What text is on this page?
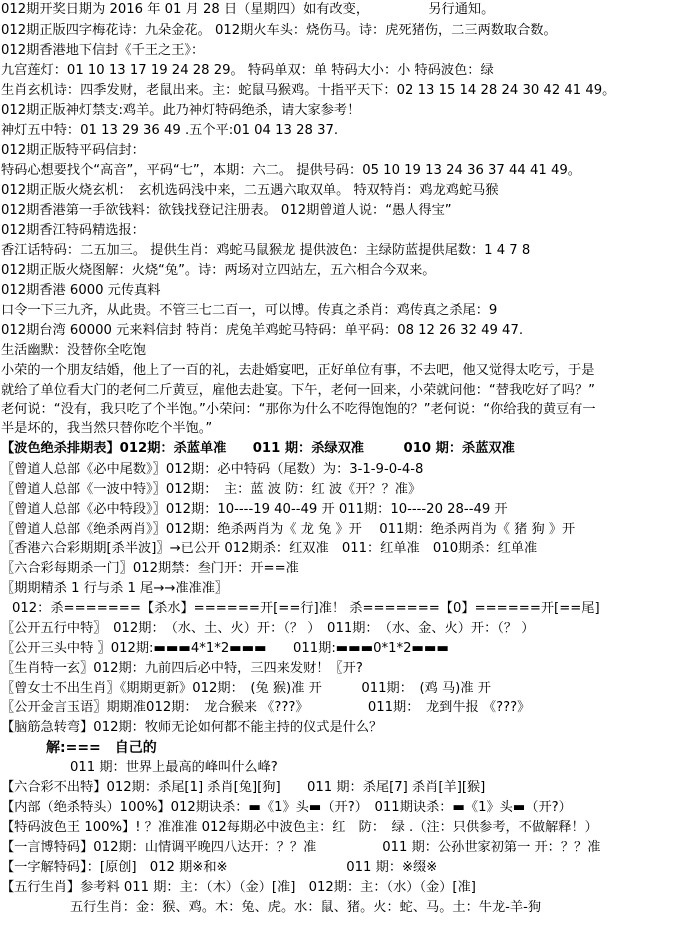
012期开奖日期为 2016 年 01 月 28 日（星期四）如有改变，　　　　　另行通知。
012期正版四字梅花诗：九朵金花。 012期火车头：烧伤马。诗：虎死猪伤，二三两数取合数。
012期香港地下信封《千王之王》：
九宫莲灯：01 10 13 17 19 24 28 29。 特码单双：单 特码大小：小 特码波色：绿
生肖玄机诗：四季发财，老鼠出来。主：蛇鼠马猴鸡。十指平天下：02 13 15 14 28 24 30 42 41 49。
012期正版神灯禁支:鸡羊。此乃神灯特码绝杀，请大家参考！
神灯五中特：01 13 29 36 49 .五个平:01 04 13 28 37.
012期正版特平码信封：
特码心想要找个“高音”，平码“七”，本期：六二。 提供号码：05 10 19 13 24 36 37 44 41 49。
012期正版火烧玄机：　玄机选码浅中来，二五遇六取双单。 特双特肖：鸡龙鸡蛇马猴
012期香港第一手欲钱料：欲钱找登记注册表。 012期曾道人说：“愚人得宝”
012期香江特码精选报：
香江话特码：二五加三。 提供生肖：鸡蛇马鼠猴龙 提供波色：主绿防蓝提供尾数：1 4 7 8
012期正版火烧图解：火烧“兔”。诗：两场对立四站左，五六相合今双来。
012期香港 6000 元传真料
口令一下三九齐，从此贵。不管三七二百一，可以博。传真之杀肖：鸡传真之杀尾：9
012期台湾 60000 元来料信封 特肖：虎兔羊鸡蛇马特码：单平码：08 12 26 32 49 47.
生活幽默：没替你全吃饱
小荣的一个朋友结婚，他上了一百的礼，去赴婚宴吧，正好单位有事，不去吧，他又觉得太吃亏，于是
就给了单位看大门的老何二斤黄豆，雇他去赴宴。下午，老何一回来，小荣就问他：“替我吃好了吗？”
老何说：“没有，我只吃了个半饱。”小荣问：“那你为什么不吃得饱饱的？”老何说：“你给我的黄豆有一
半是坏的，我当然只替你吃个半饱。”
【波色绝杀排期表】012期：杀蓝单准　　011 期：杀绿双准　　　010 期：杀蓝双准
〖曾道人总部《必中尾数》〗012期：必中特码（尾数）为：3-1-9-0-4-8
〖曾道人总部《一波中特》〗012期：　主：蓝 波 防：红 波《开？？准》
〖曾道人总部《必中特段》〗012期：10----19 40--49 开 011期：10----20 28--49 开
〖曾道人总部《绝杀两肖》〗012期：绝杀两肖为《 龙 兔 》开　 011期：绝杀两肖为《 猪 狗 》开
〖香港六合彩期期[杀半波]〗→已公开 012期杀：红双准　011：红单准　010期杀：红单准
〖六合彩每期杀一门〗012期禁：叁门开：开==准
〖期期精杀 1 行与杀 1 尾→→准准准〗
012：杀=======【杀水】======开[==行]准！ 杀=======【0】======开[==尾]
〖公开五行中特〗　012期：　（水、土、火）开：（？ ）　011期：　（水、金、火）开：（？ ）
〖公开三头中特 〗012期:▬▬▬4*1*2▬▬▬　　011期:▬▬▬0*1*2▬▬▬
〖生肖特一玄〗012期：九前四后必中特，三四来发财！〖开?
〖曾女士不出生肖〗《期期更新》012期：　(兔 猴)准 开　　　011期：　(鸡 马)准 开
〖公开金言玉语〗期期准012期：　龙合猴来 《???》　　　　　011期：　龙到牛报 《???》
【脑筋急转弯】012期：牧师无论如何都不能主持的仪式是什么？
解:===　自己的
011 期：世界上最高的峰叫什么峰?
【六合彩不出特】012期：杀尾[1] 杀肖[兔][狗]　　011 期：杀尾[7] 杀肖[羊][猴]
【内部（绝杀特头）100%】012期诀杀：▬《1》头▬（开?）　011期诀杀：▬《1》头▬（开?）
【特码波色王 100%】! ？准准准 012每期必中波色主：红　防：　绿 .（注：只供参考，不做解释！）
【一言博特码】012期：山情调平晚四八达开：？？准　　　　　011 期：公孙世家初第一 开：？？准
【一字解特码】：[原创]　012 期※和※　　　　　　　　　011 期：※缀※
【五行生肖】参考料 011 期：主：（木）（金）[准]　012期：主：（水）（金）[准]
五行生肖：金：猴、鸡。木：兔、虎。水：鼠、猪。火：蛇、马。土：牛龙-羊-狗
